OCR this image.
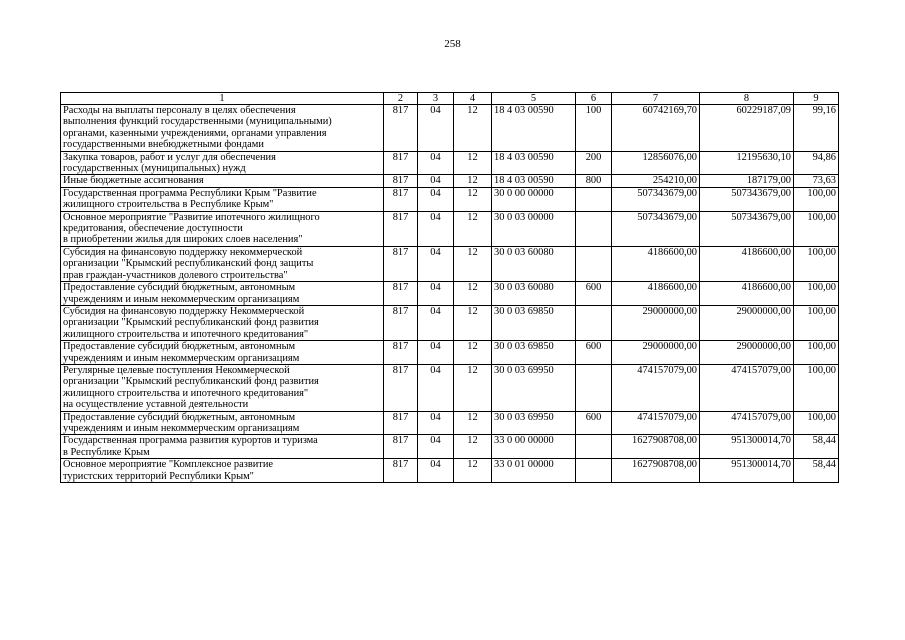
258
1	2	3	4	5	6	7	8	9
Расходы на выплаты персоналу в целях обеспечения
выполнения функций государственными (муниципальными)
органами, казенными учреждениями, органами управления
государственными внебюджетными фондами	817	04	12	18 4 03 00590	100	60742169,70	60229187,09	99,16
Закупка товаров, работ и услуг для обеспечения
государственных (муниципальных) нужд	817	04	12	18 4 03 00590	200	12856076,00	12195630,10	94,86
Иные бюджетные ассигнования	817	04	12	18 4 03 00590	800	254210,00	187179,00	73,63
Государственная программа Республики Крым "Развитие
жилищного строительства в Республике Крым"	817	04	12	30 0 00 00000		507343679,00	507343679,00	100,00
Основное мероприятие "Развитие ипотечного жилищного
кредитования, обеспечение доступности
в приобретении жилья для широких слоев населения"	817	04	12	30 0 03 00000		507343679,00	507343679,00	100,00
Субсидия на финансовую поддержку некоммерческой
организации "Крымский республиканский фонд защиты
прав граждан-участников долевого строительства"	817	04	12	30 0 03 60080		4186600,00	4186600,00	100,00
Предоставление субсидий бюджетным, автономным
учреждениям и иным некоммерческим организациям	817	04	12	30 0 03 60080	600	4186600,00	4186600,00	100,00
Субсидия на финансовую поддержку Некоммерческой
организации "Крымский республиканский фонд развития
жилищного строительства и ипотечного кредитования"	817	04	12	30 0 03 69850		29000000,00	29000000,00	100,00
Предоставление субсидий бюджетным, автономным
учреждениям и иным некоммерческим организациям	817	04	12	30 0 03 69850	600	29000000,00	29000000,00	100,00
Регулярные целевые поступления Некоммерческой
организации "Крымский республиканский фонд развития
жилищного строительства и ипотечного кредитования"
на осуществление уставной деятельности	817	04	12	30 0 03 69950		474157079,00	474157079,00	100,00
Предоставление субсидий бюджетным, автономным
учреждениям и иным некоммерческим организациям	817	04	12	30 0 03 69950	600	474157079,00	474157079,00	100,00
Государственная программа развития курортов и туризма
в Республике Крым	817	04	12	33 0 00 00000		1627908708,00	951300014,70	58,44
Основное мероприятие "Комплексное развитие
туристских территорий Республики Крым"	817	04	12	33 0 01 00000		1627908708,00	951300014,70	58,44
